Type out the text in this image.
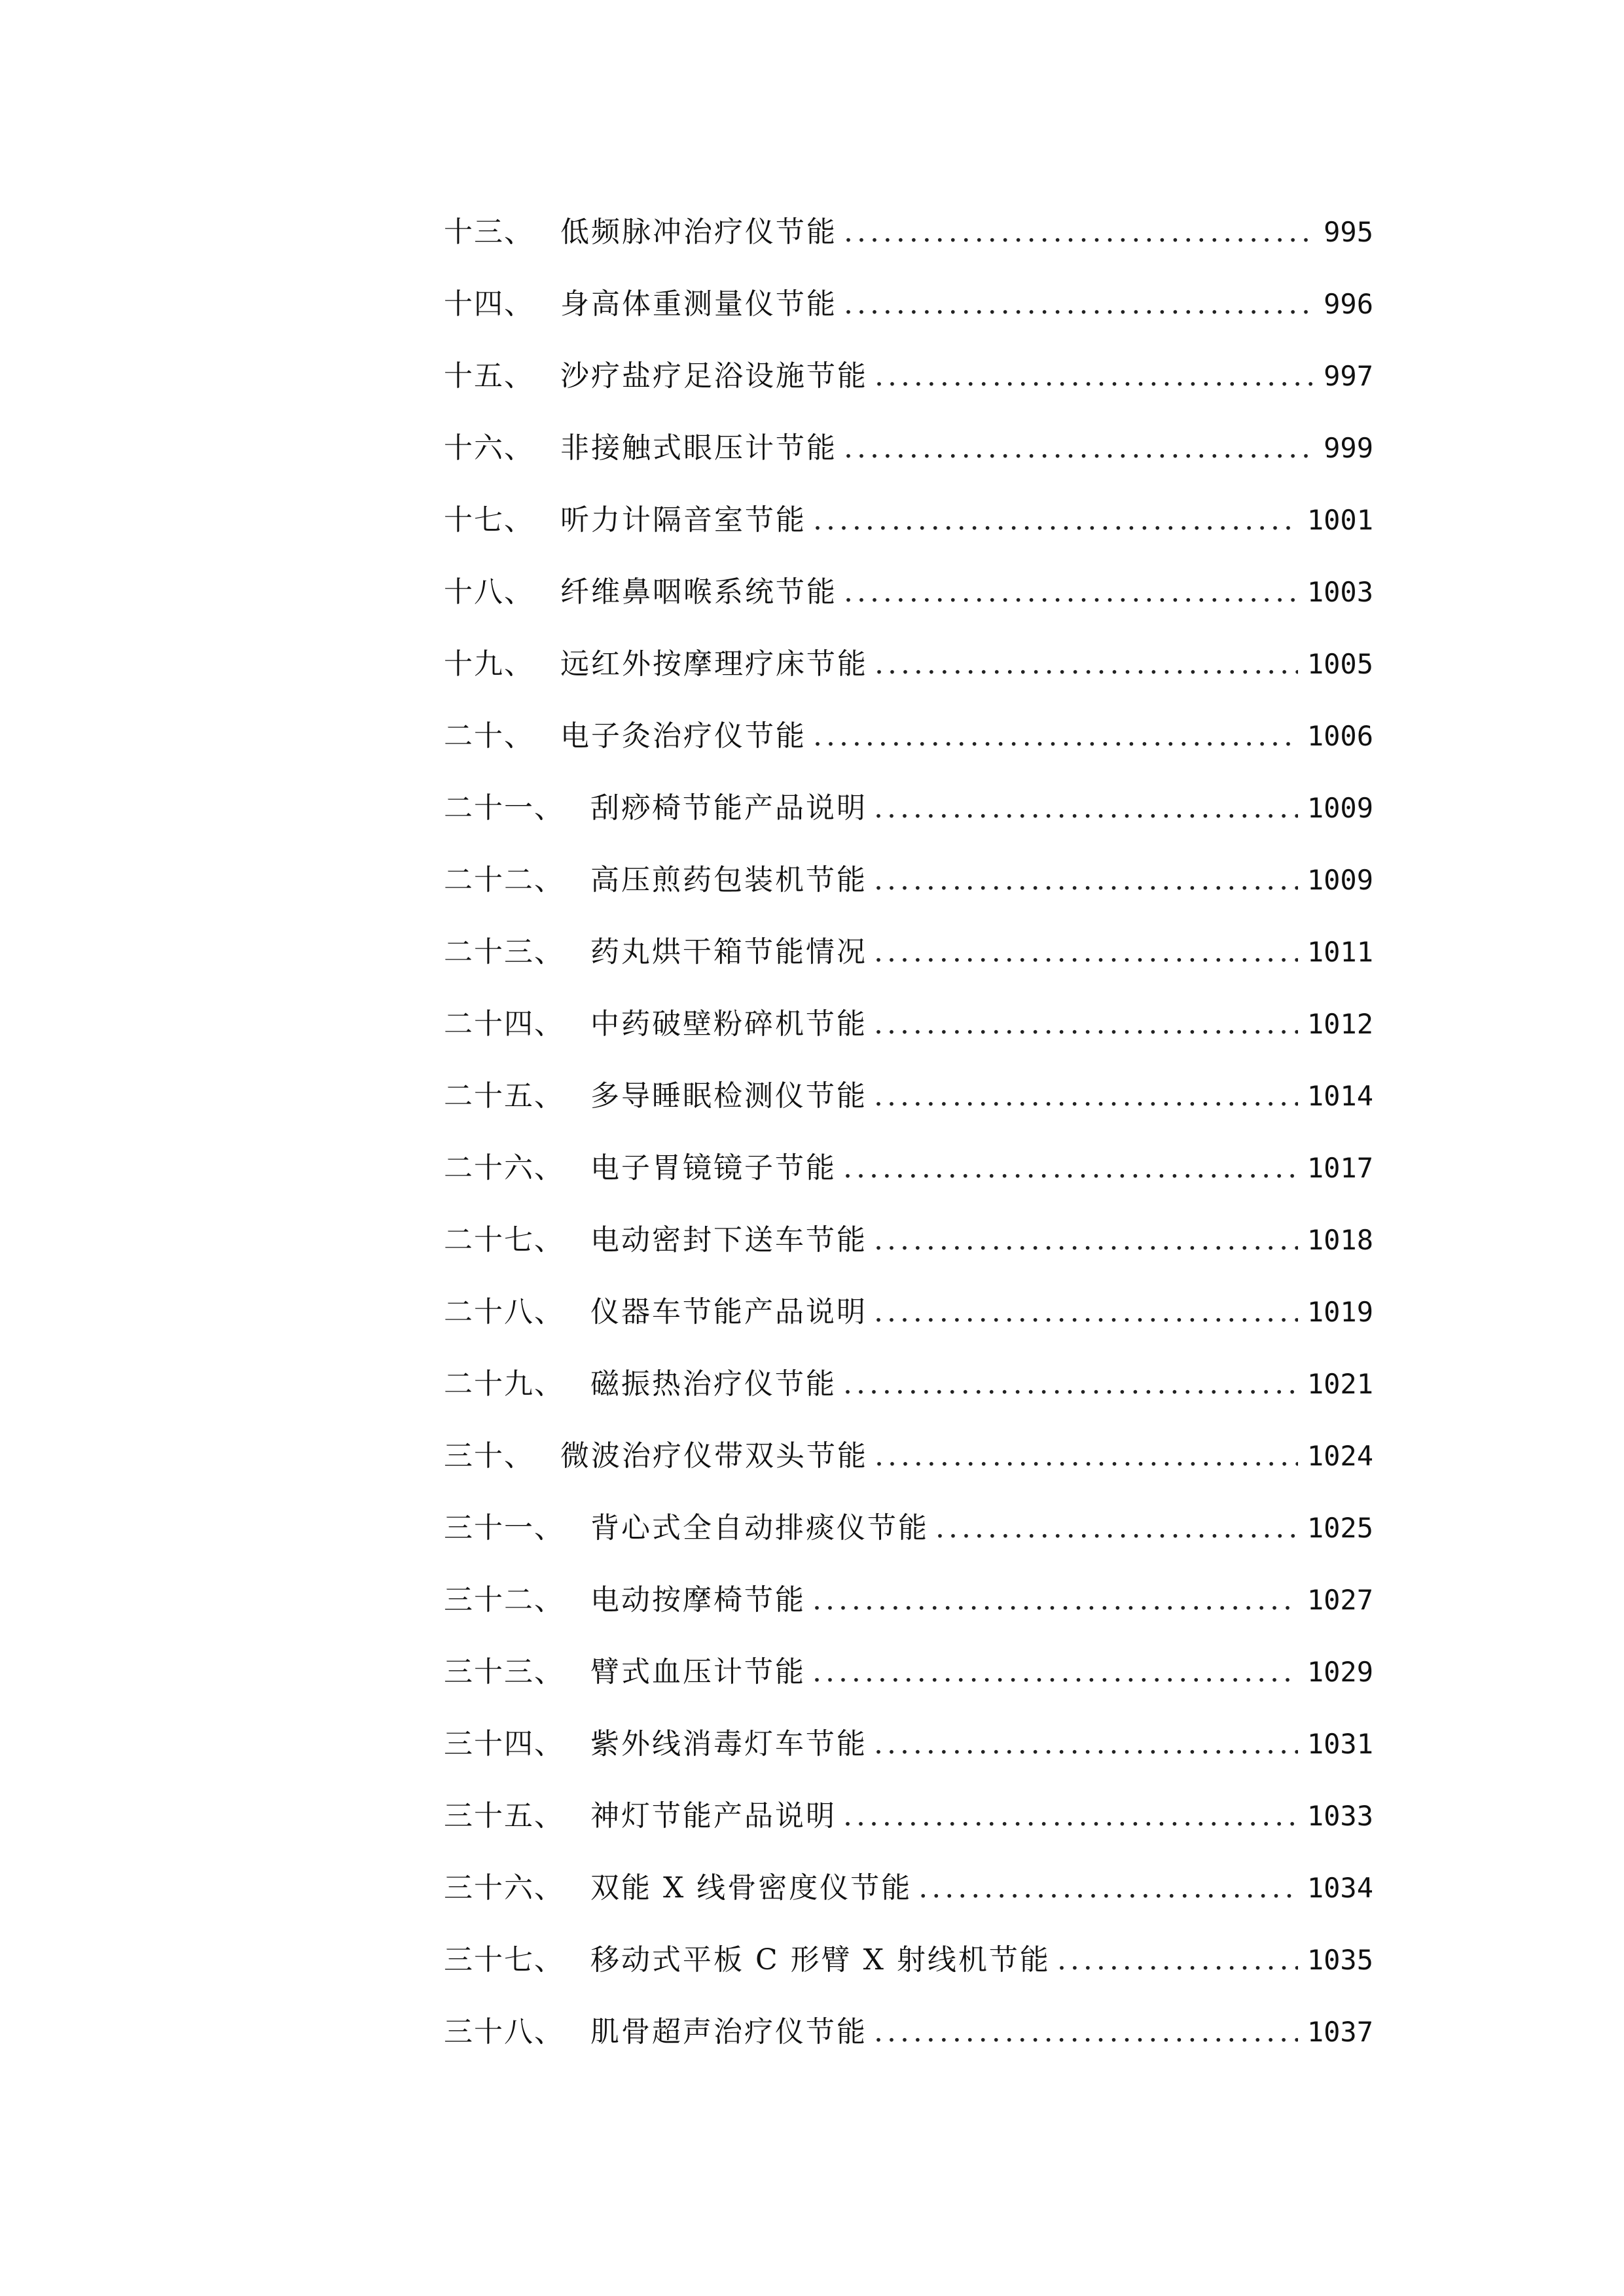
十三、 低频脉冲治疗仪节能 . . .	995
十四、 身高体重测量仪节能 . . .	996
十五、 沙疗盐疗足浴设施节能 . . .	997
十六、 非接触式眼压计节能 . . .	999
十七、 听力计隔音室节能 . . .	1001
十八、 纤维鼻咽喉系统节能 . . .	1003
十九、 远红外按摩理疗床节能 . . .	1005
二十、 电子灸治疗仪节能 . . .	1006
二十一、 刮痧椅节能产品说明 . . .	1009
二十二、 高压煎药包装机节能 . . .	1009
二十三、 药丸烘干箱节能情况 . . .	1011
二十四、 中药破壁粉碎机节能 . . .	1012
二十五、 多导睡眠检测仪节能 . . .	1014
二十六、 电子胃镜镜子节能 . . .	1017
二十七、 电动密封下送车节能 . . .	1018
二十八、 仪器车节能产品说明 . . .	1019
二十九、 磁振热治疗仪节能 . . .	1021
三十、 微波治疗仪带双头节能 . . .	1024
三十一、 背心式全自动排痰仪节能 . . .	1025
三十二、 电动按摩椅节能 . . .	1027
三十三、 臂式血压计节能 . . .	1029
三十四、 紫外线消毒灯车节能 . . .	1031
三十五、 神灯节能产品说明 . . .	1033
三十六、 双能 X 线骨密度仪节能 . . .	1034
三十七、 移动式平板 C 形臂 X 射线机节能 . . .	1035
三十八、 肌骨超声治疗仪节能 . . .	1037
